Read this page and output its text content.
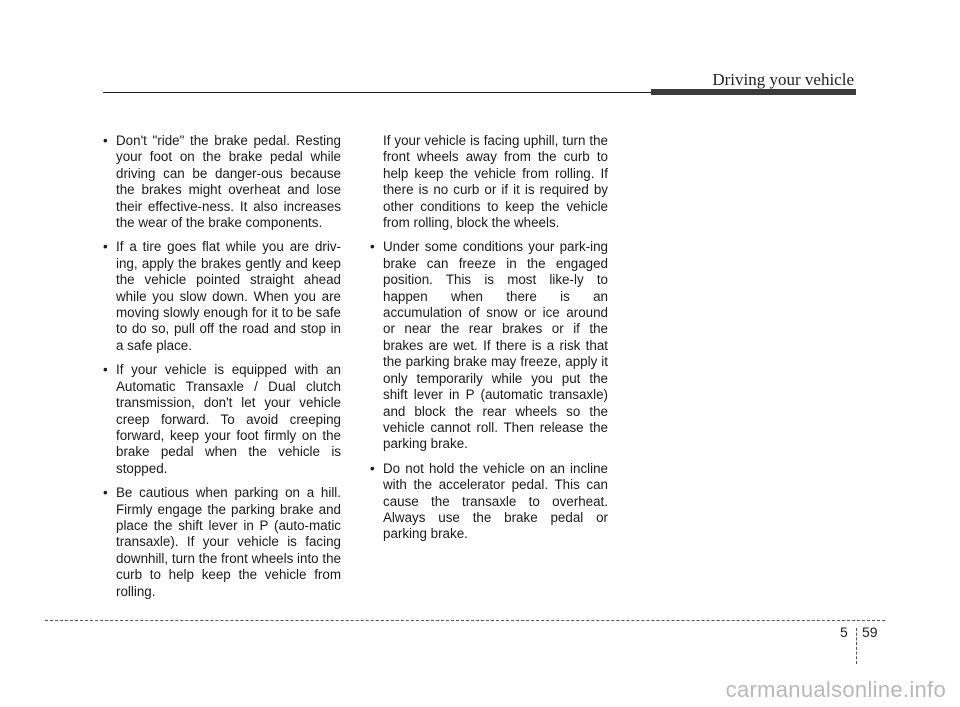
Driving your vehicle

• Don't "ride" the brake pedal. Resting your foot on the brake pedal while driving can be danger-ous because the brakes might overheat and lose their effective-ness. It also increases the wear of the brake components.

• If a tire goes flat while you are driv-ing, apply the brakes gently and keep the vehicle pointed straight ahead while you slow down. When you are moving slowly enough for it to be safe to do so, pull off the road and stop in a safe place.

• If your vehicle is equipped with an Automatic Transaxle / Dual clutch transmission, don't let your vehicle creep forward. To avoid creeping forward, keep your foot firmly on the brake pedal when the vehicle is stopped.

• Be cautious when parking on a hill. Firmly engage the parking brake and place the shift lever in P (auto-matic transaxle). If your vehicle is facing downhill, turn the front wheels into the curb to help keep the vehicle from rolling.

If your vehicle is facing uphill, turn the front wheels away from the curb to help keep the vehicle from rolling. If there is no curb or if it is required by other conditions to keep the vehicle from rolling, block the wheels.

• Under some conditions your park-ing brake can freeze in the engaged position. This is most like-ly to happen when there is an accumulation of snow or ice around or near the rear brakes or if the brakes are wet. If there is a risk that the parking brake may freeze, apply it only temporarily while you put the shift lever in P (automatic transaxle) and block the rear wheels so the vehicle cannot roll. Then release the parking brake.

• Do not hold the vehicle on an incline with the accelerator pedal. This can cause the transaxle to overheat. Always use the brake pedal or parking brake.

5 59
carmanualsonline.info
